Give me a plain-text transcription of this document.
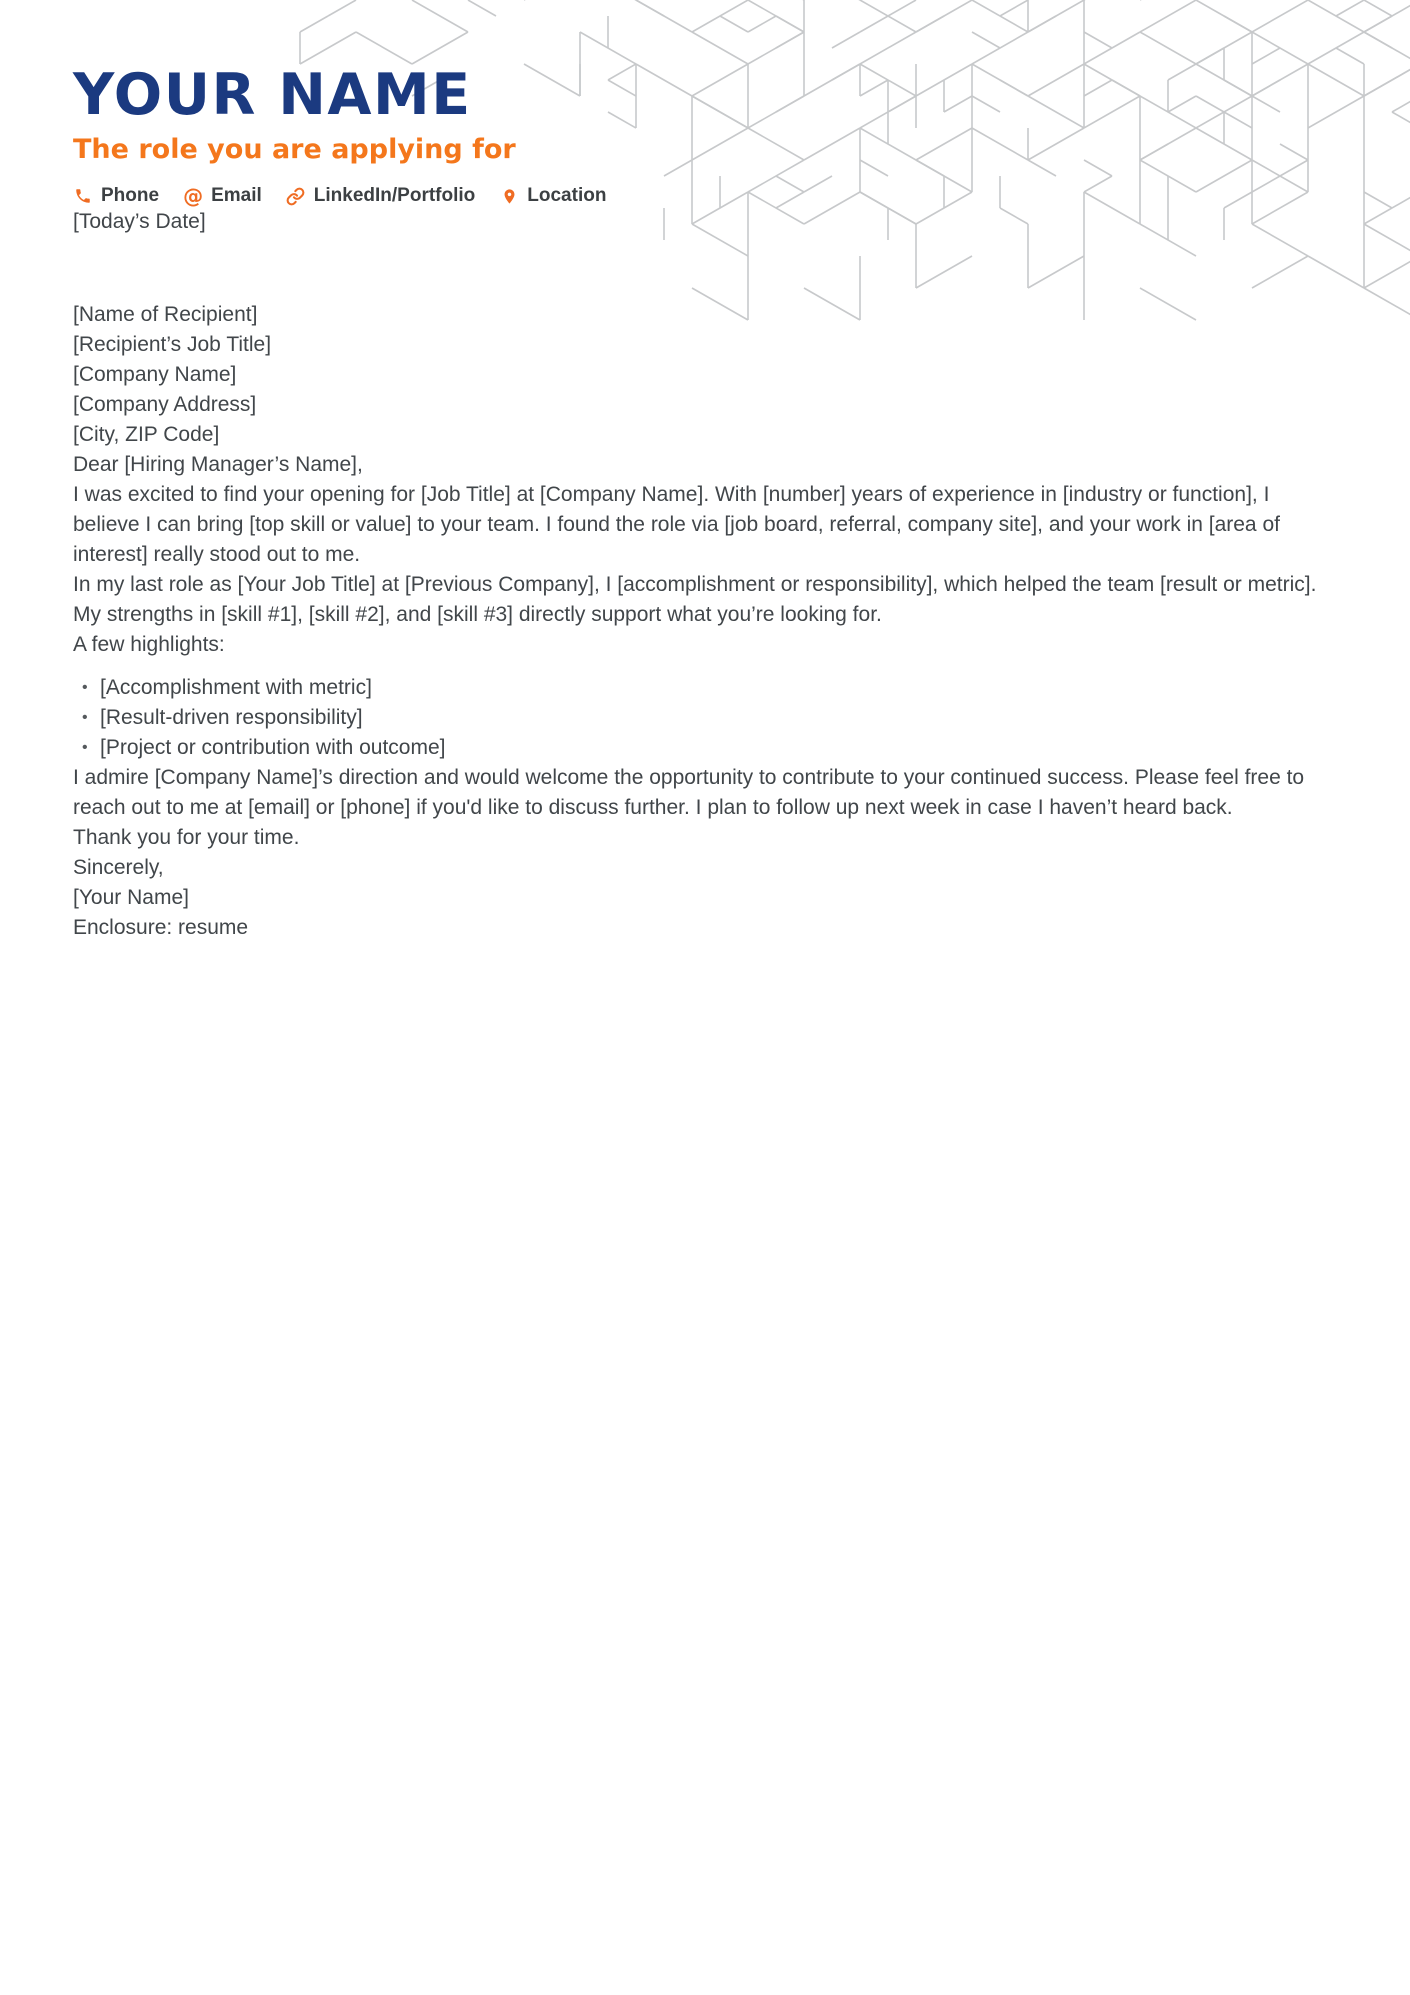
YOUR NAME
The role you are applying for
Phone @ Email	LinkedIn/Portfolio	Location

[Today’s Date]

[Name of Recipient]

[Recipient’s Job Title]

[Company Name]

[Company Address]

[City, ZIP Code]

Dear [Hiring Manager’s Name],

I was excited to find your opening for [Job Title] at [Company Name]. With [number] years of experience in [industry or function], I believe I can bring [top skill or value] to your team. I found the role via [job board, referral, company site], and your work in [area of interest] really stood out to me.

In my last role as [Your Job Title] at [Previous Company], I [accomplishment or responsibility], which helped the team [result or metric]. My strengths in [skill #1], [skill #2], and [skill #3] directly support what you’re looking for.

A few highlights:

• [Accomplishment with metric]
• [Result-driven responsibility]
• [Project or contribution with outcome]

I admire [Company Name]’s direction and would welcome the opportunity to contribute to your continued success. Please feel free to reach out to me at [email] or [phone] if you'd like to discuss further. I plan to follow up next week in case I haven’t heard back.

Thank you for your time.

Sincerely,

[Your Name]

Enclosure: resume
